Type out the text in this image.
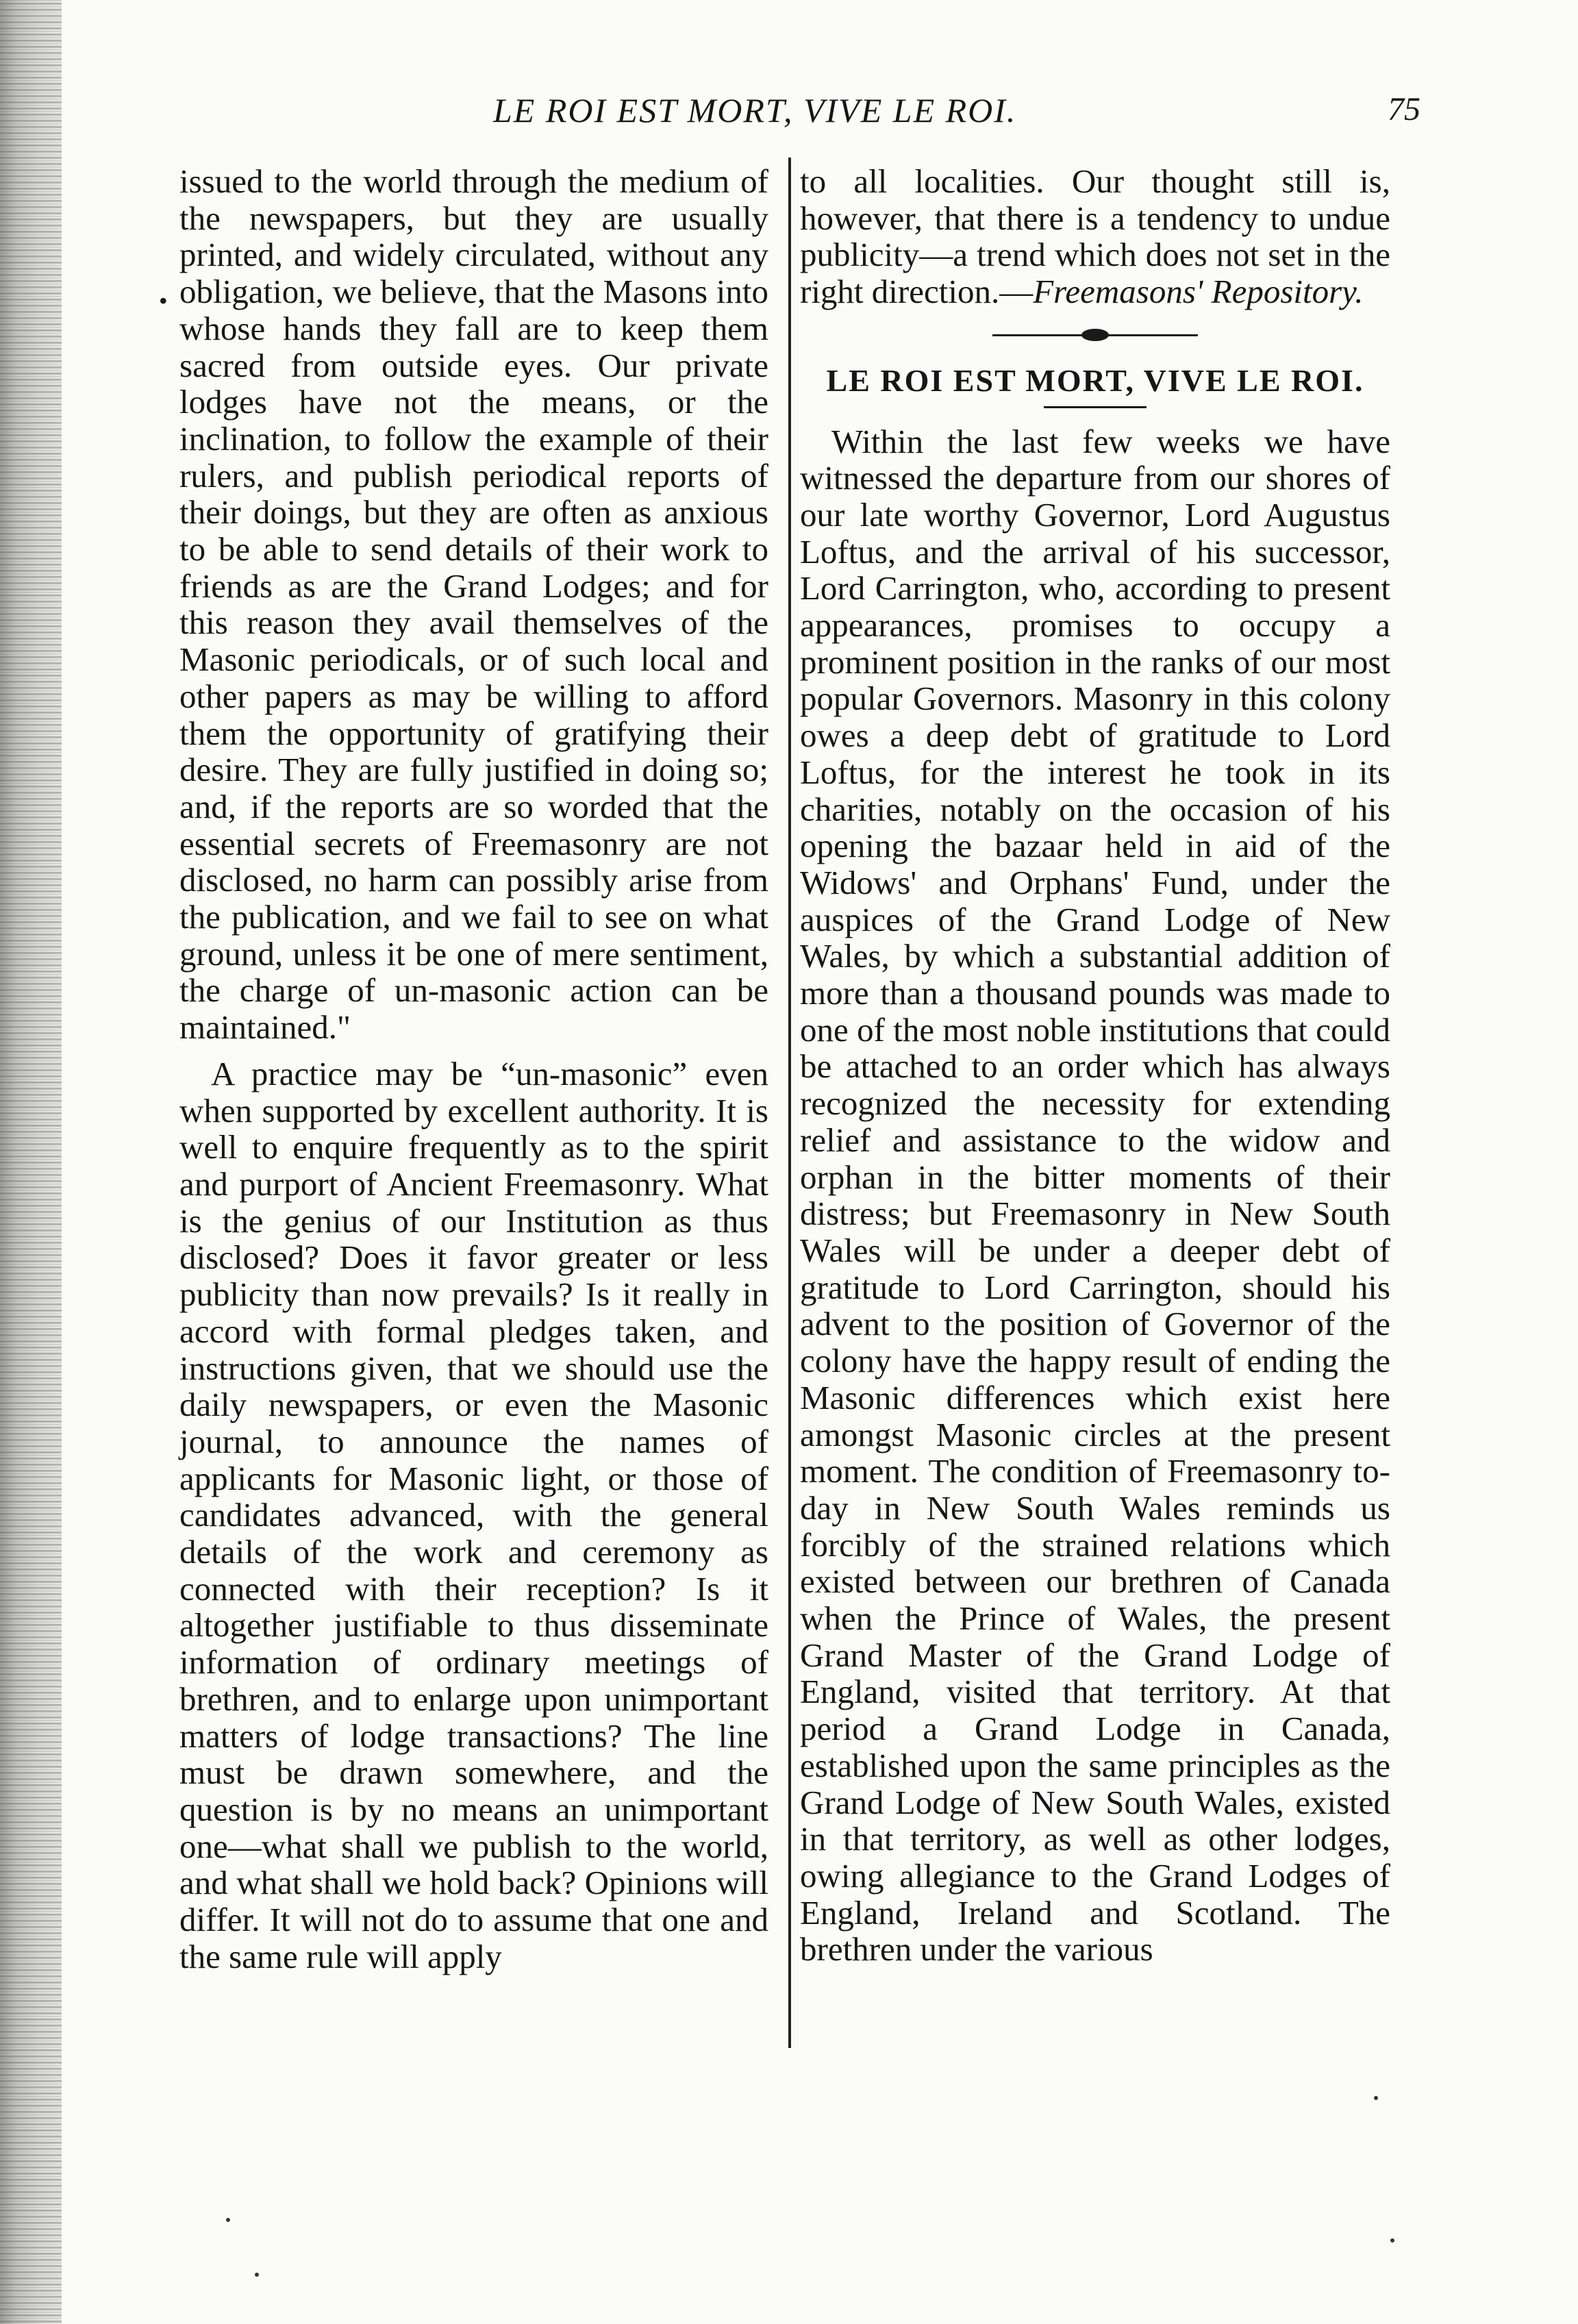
LE ROI EST MORT, VIVE LE ROI.	75
•

issued to the world through the medium of the newspapers, but they are usually printed, and widely circulated, without any obligation, we believe, that the Masons into whose hands they fall are to keep them sacred from outside eyes. Our private lodges have not the means, or the inclination, to follow the example of their rulers, and publish periodical reports of their doings, but they are often as anxious to be able to send details of their work to friends as are the Grand Lodges; and for this reason they avail themselves of the Masonic periodicals, or of such local and other papers as may be willing to afford them the opportunity of gratifying their desire. They are fully justified in doing so; and, if the reports are so worded that the essential secrets of Freemasonry are not disclosed, no harm can possibly arise from the publication, and we fail to see on what ground, unless it be one of mere sentiment, the charge of un-masonic action can be maintained."

A practice may be “un-masonic” even when supported by excellent authority. It is well to enquire frequently as to the spirit and purport of Ancient Freemasonry. What is the genius of our Institution as thus disclosed? Does it favor greater or less publicity than now prevails? Is it really in accord with formal pledges taken, and instructions given, that we should use the daily newspapers, or even the Masonic journal, to announce the names of applicants for Masonic light, or those of candidates advanced, with the general details of the work and ceremony as connected with their reception? Is it altogether justifiable to thus disseminate information of ordinary meetings of brethren, and to enlarge upon unimportant matters of lodge transactions? The line must be drawn somewhere, and the question is by no means an unimportant one—what shall we publish to the world, and what shall we hold back? Opinions will differ. It will not do to assume that one and the same rule will apply

to all localities. Our thought still is, however, that there is a tendency to undue publicity—a trend which does not set in the right direction.—Freemasons' Repository.

LE ROI EST MORT, VIVE LE ROI.

Within the last few weeks we have witnessed the departure from our shores of our late worthy Governor, Lord Augustus Loftus, and the arrival of his successor, Lord Carrington, who, according to present appearances, promises to occupy a prominent position in the ranks of our most popular Governors. Masonry in this colony owes a deep debt of gratitude to Lord Loftus, for the interest he took in its charities, notably on the occasion of his opening the bazaar held in aid of the Widows' and Orphans' Fund, under the auspices of the Grand Lodge of New Wales, by which a substantial addition of more than a thousand pounds was made to one of the most noble institutions that could be attached to an order which has always recognized the necessity for extending relief and assistance to the widow and orphan in the bitter moments of their distress; but Freemasonry in New South Wales will be under a deeper debt of gratitude to Lord Carrington, should his advent to the position of Governor of the colony have the happy result of ending the Masonic differences which exist here amongst Masonic circles at the present moment. The condition of Freemasonry to-day in New South Wales reminds us forcibly of the strained relations which existed between our brethren of Canada when the Prince of Wales, the present Grand Master of the Grand Lodge of England, visited that territory. At that period a Grand Lodge in Canada, established upon the same principles as the Grand Lodge of New South Wales, existed in that territory, as well as other lodges, owing allegiance to the Grand Lodges of England, Ireland and Scotland. The brethren under the various
